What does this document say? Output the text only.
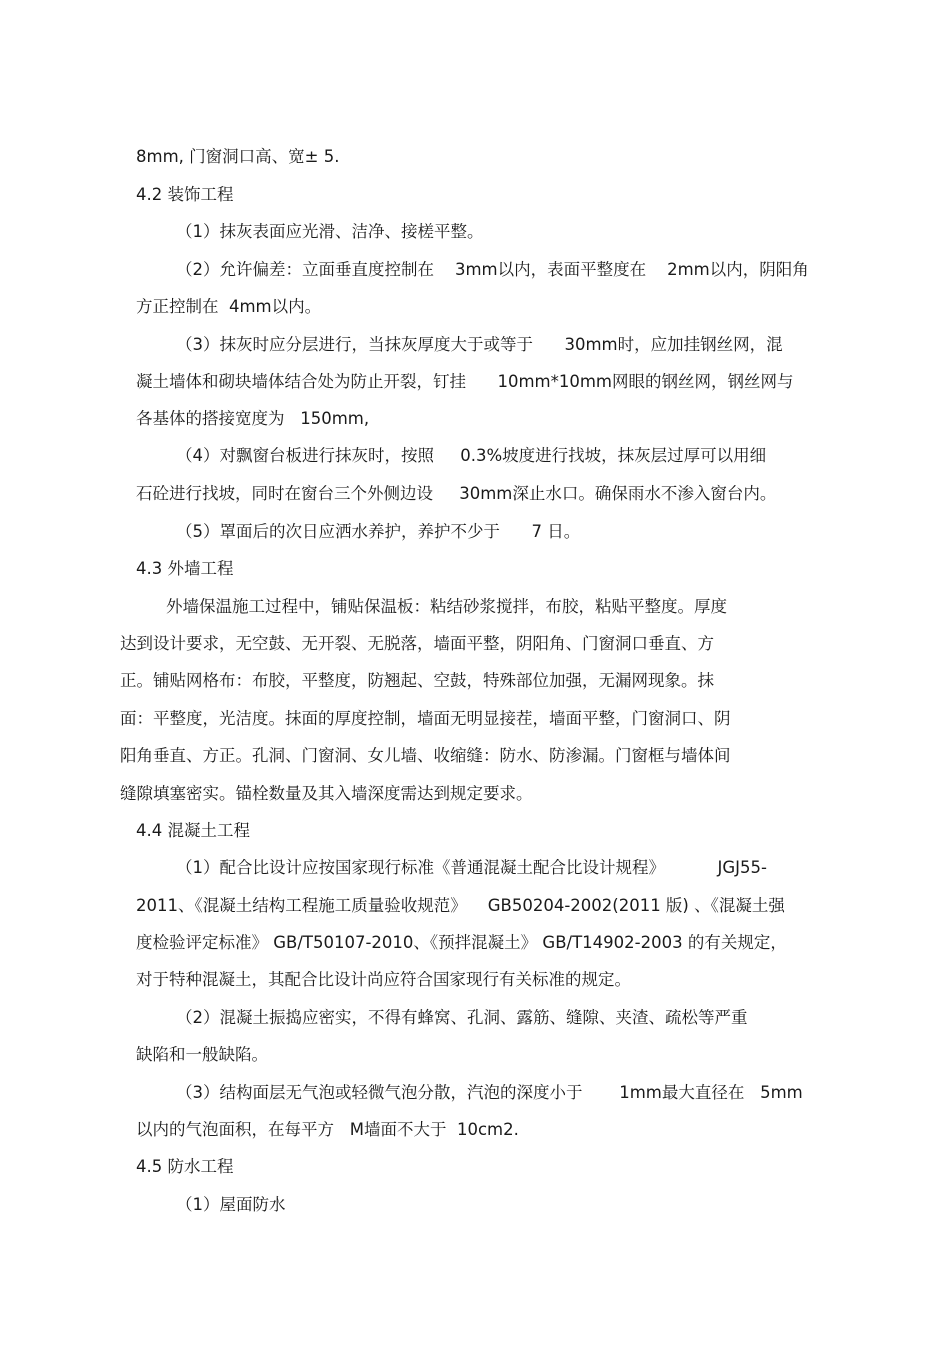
8mm, 门窗洞口高、宽± 5.
4.2 装饰工程
（1）抹灰表面应光滑、洁净、接槎平整。
（2）允许偏差：立面垂直度控制在    3mm以内，表面平整度在    2mm以内，阴阳角
方正控制在  4mm以内。
（3）抹灰时应分层进行，当抹灰厚度大于或等于      30mm时，应加挂钢丝网，混
凝土墙体和砌块墙体结合处为防止开裂，钉挂      10mm*10mm网眼的钢丝网，钢丝网与
各基体的搭接宽度为   150mm,
（4）对飘窗台板进行抹灰时，按照     0.3%坡度进行找坡，抹灰层过厚可以用细
石砼进行找坡，同时在窗台三个外侧边设     30mm深止水口。确保雨水不渗入窗台内。
（5）罩面后的次日应洒水养护，养护不少于      7 日。
4.3 外墙工程
外墙保温施工过程中，铺贴保温板：粘结砂浆搅拌，布胶，粘贴平整度。厚度
达到设计要求，无空鼓、无开裂、无脱落，墙面平整，阴阳角、门窗洞口垂直、方
正。铺贴网格布：布胶，平整度，防翘起、空鼓，特殊部位加强，无漏网现象。抹
面：平整度，光洁度。抹面的厚度控制，墙面无明显接茬，墙面平整，门窗洞口、阴
阳角垂直、方正。孔洞、门窗洞、女儿墙、收缩缝：防水、防渗漏。门窗框与墙体间
缝隙填塞密实。锚栓数量及其入墙深度需达到规定要求。
4.4 混凝土工程
（1）配合比设计应按国家现行标准《普通混凝土配合比设计规程》          JGJ55-
2011、《混凝土结构工程施工质量验收规范》    GB50204-2002(2011 版) 、《混凝土强
度检验评定标准》 GB/T50107-2010、《预拌混凝土》 GB/T14902-2003 的有关规定，
对于特种混凝土，其配合比设计尚应符合国家现行有关标准的规定。
（2）混凝土振捣应密实，不得有蜂窝、孔洞、露筋、缝隙、夹渣、疏松等严重
缺陷和一般缺陷。
（3）结构面层无气泡或轻微气泡分散，汽泡的深度小于       1mm最大直径在   5mm
以内的气泡面积，在每平方   M墙面不大于  10cm2.
4.5 防水工程
（1）屋面防水
